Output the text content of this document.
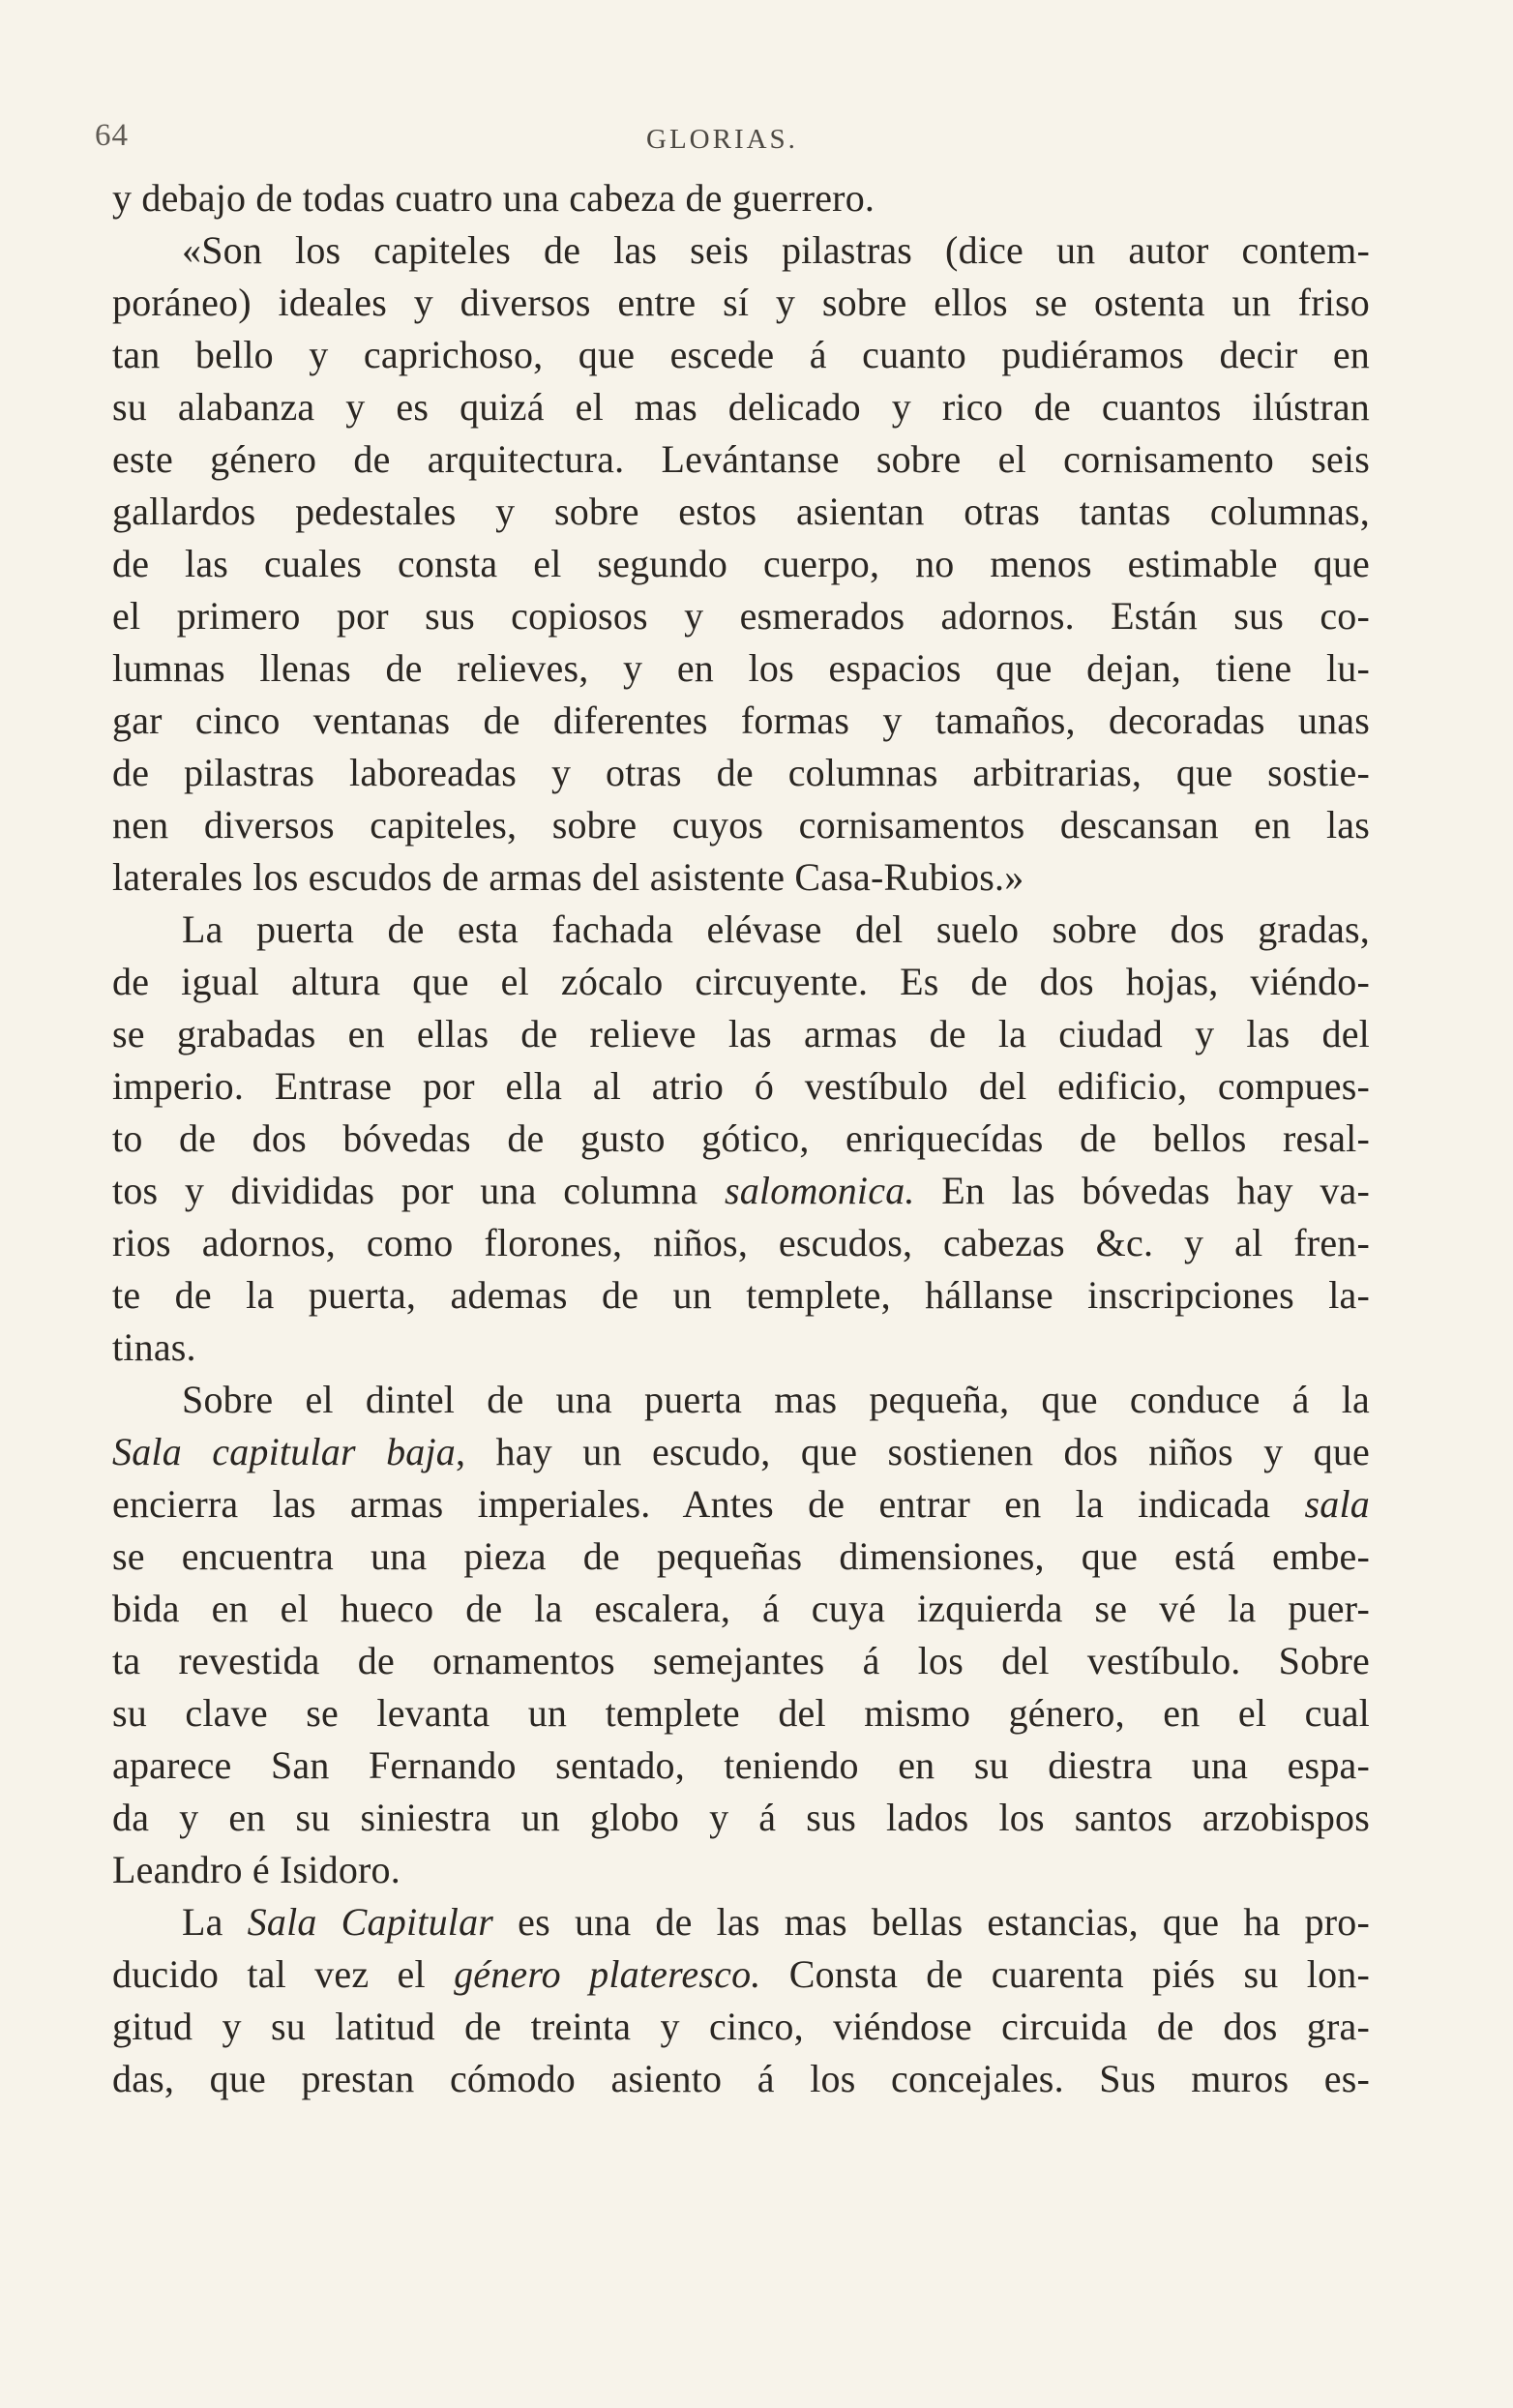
64	GLORIAS.
y debajo de todas cuatro una cabeza de guerrero.
«Son los capiteles de las seis pilastras (dice un autor contem-
poráneo) ideales y diversos entre sí y sobre ellos se ostenta un friso
tan bello y caprichoso, que escede á cuanto pudiéramos decir en
su alabanza y es quizá el mas delicado y rico de cuantos ilústran
este género de arquitectura. Levántanse sobre el cornisamento seis
gallardos pedestales y sobre estos asientan otras tantas columnas,
de las cuales consta el segundo cuerpo, no menos estimable que
el primero por sus copiosos y esmerados adornos. Están sus co-
lumnas llenas de relieves, y en los espacios que dejan, tiene lu-
gar cinco ventanas de diferentes formas y tamaños, decoradas unas
de pilastras laboreadas y otras de columnas arbitrarias, que sostie-
nen diversos capiteles, sobre cuyos cornisamentos descansan en las
laterales los escudos de armas del asistente Casa-Rubios.»
La puerta de esta fachada elévase del suelo sobre dos gradas,
de igual altura que el zócalo circuyente. Es de dos hojas, viéndo-
se grabadas en ellas de relieve las armas de la ciudad y las del
imperio. Entrase por ella al atrio ó vestíbulo del edificio, compues-
to de dos bóvedas de gusto gótico, enriquecídas de bellos resal-
tos y divididas por una columna salomonica. En las bóvedas hay va-
rios adornos, como florones, niños, escudos, cabezas &c. y al fren-
te de la puerta, ademas de un templete, hállanse inscripciones la-
tinas.
Sobre el dintel de una puerta mas pequeña, que conduce á la
Sala capitular baja, hay un escudo, que sostienen dos niños y que
encierra las armas imperiales. Antes de entrar en la indicada sala
se encuentra una pieza de pequeñas dimensiones, que está embe-
bida en el hueco de la escalera, á cuya izquierda se vé la puer-
ta revestida de ornamentos semejantes á los del vestíbulo. Sobre
su clave se levanta un templete del mismo género, en el cual
aparece San Fernando sentado, teniendo en su diestra una espa-
da y en su siniestra un globo y á sus lados los santos arzobispos
Leandro é Isidoro.
La Sala Capitular es una de las mas bellas estancias, que ha pro-
ducido tal vez el género plateresco. Consta de cuarenta piés su lon-
gitud y su latitud de treinta y cinco, viéndose circuida de dos gra-
das, que prestan cómodo asiento á los concejales. Sus muros es-
